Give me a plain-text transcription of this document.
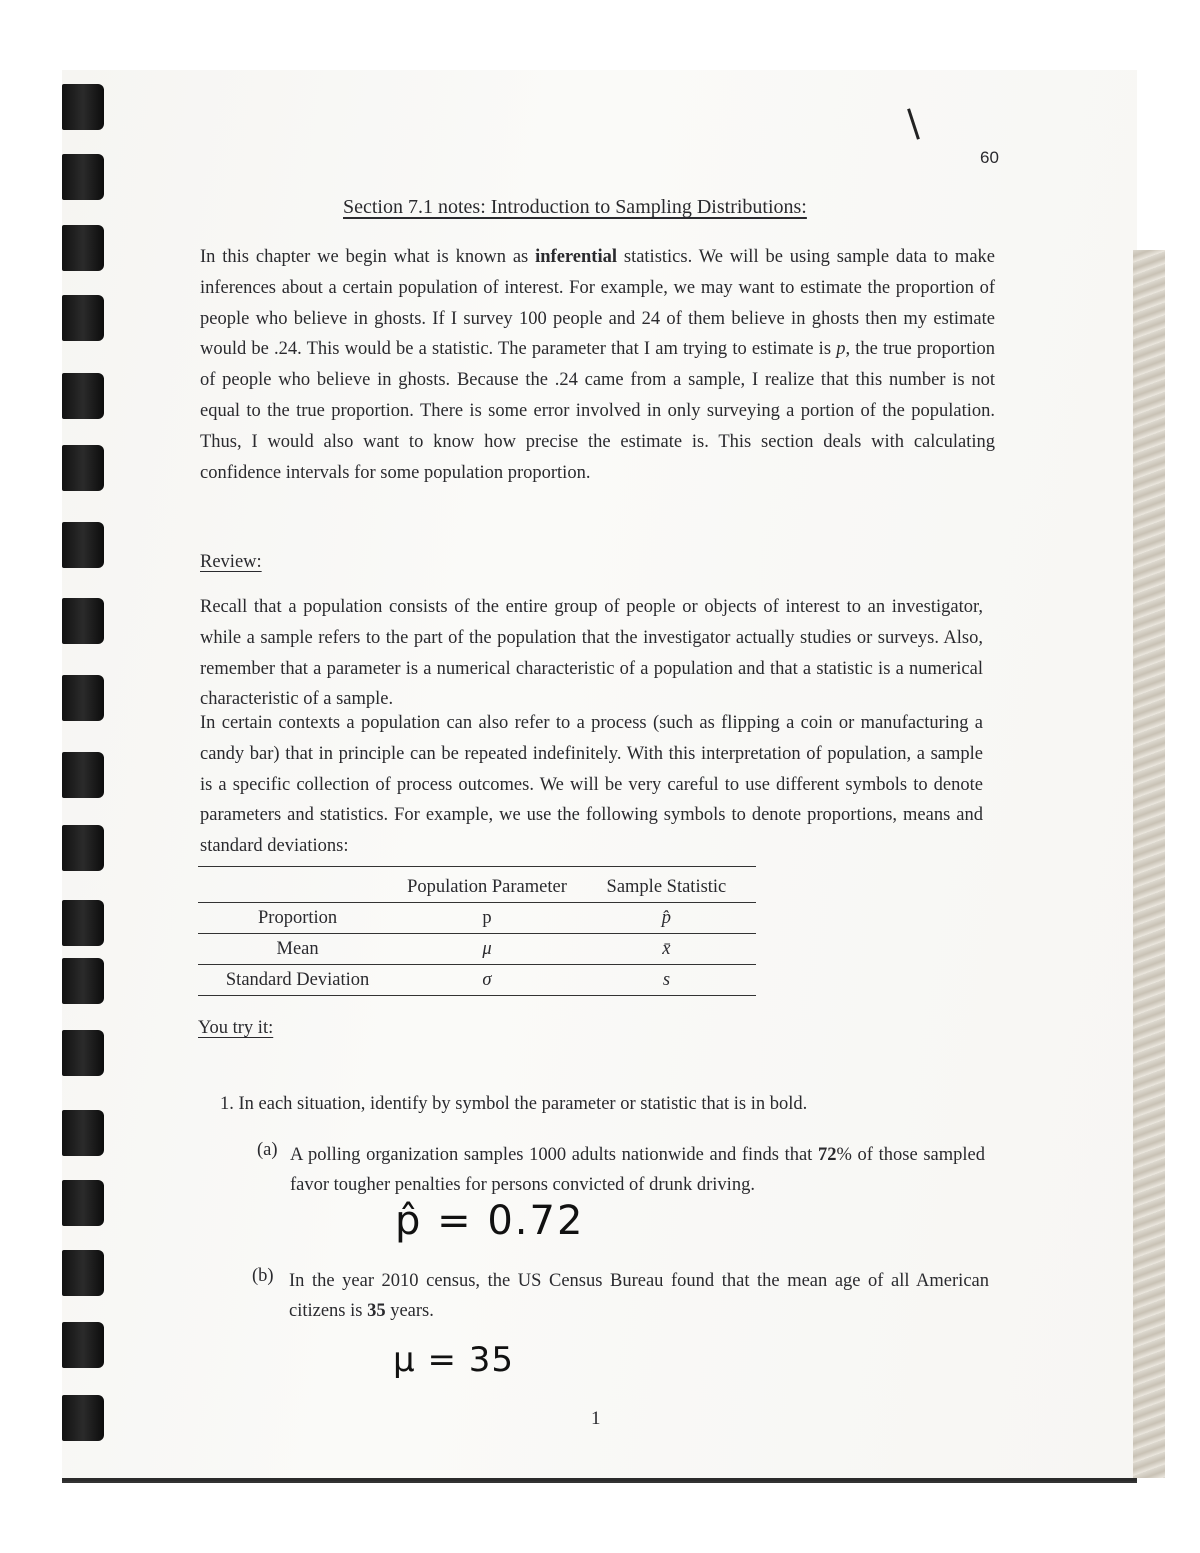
60
Section 7.1 notes: Introduction to Sampling Distributions:

In this chapter we begin what is known as inferential statistics. We will be using sample data to make inferences about a certain population of interest. For example, we may want to estimate the proportion of people who believe in ghosts. If I survey 100 people and 24 of them believe in ghosts then my estimate would be .24. This would be a statistic. The parameter that I am trying to estimate is p, the true proportion of people who believe in ghosts. Because the .24 came from a sample, I realize that this number is not equal to the true proportion. There is some error involved in only surveying a portion of the population. Thus, I would also want to know how precise the estimate is. This section deals with calculating confidence intervals for some population proportion.

Review:

Recall that a population consists of the entire group of people or objects of interest to an investigator, while a sample refers to the part of the population that the investigator actually studies or surveys. Also, remember that a parameter is a numerical characteristic of a population and that a statistic is a numerical characteristic of a sample.

In certain contexts a population can also refer to a process (such as flipping a coin or manufacturing a candy bar) that in principle can be repeated indefinitely. With this interpretation of population, a sample is a specific collection of process outcomes. We will be very careful to use different symbols to denote parameters and statistics. For example, we use the following symbols to denote proportions, means and standard deviations:

	Population Parameter	Sample Statistic
Proportion	p	p̂
Mean	μ	x̄
Standard Deviation	σ	s
You try it:
1. In each situation, identify by symbol the parameter or statistic that is in bold.
(a) A polling organization samples 1000 adults nationwide and finds that 72% of those sampled favor tougher penalties for persons convicted of drunk driving.
p̂ = 0.72
(b) In the year 2010 census, the US Census Bureau found that the mean age of all American citizens is 35 years.
μ = 35
1
